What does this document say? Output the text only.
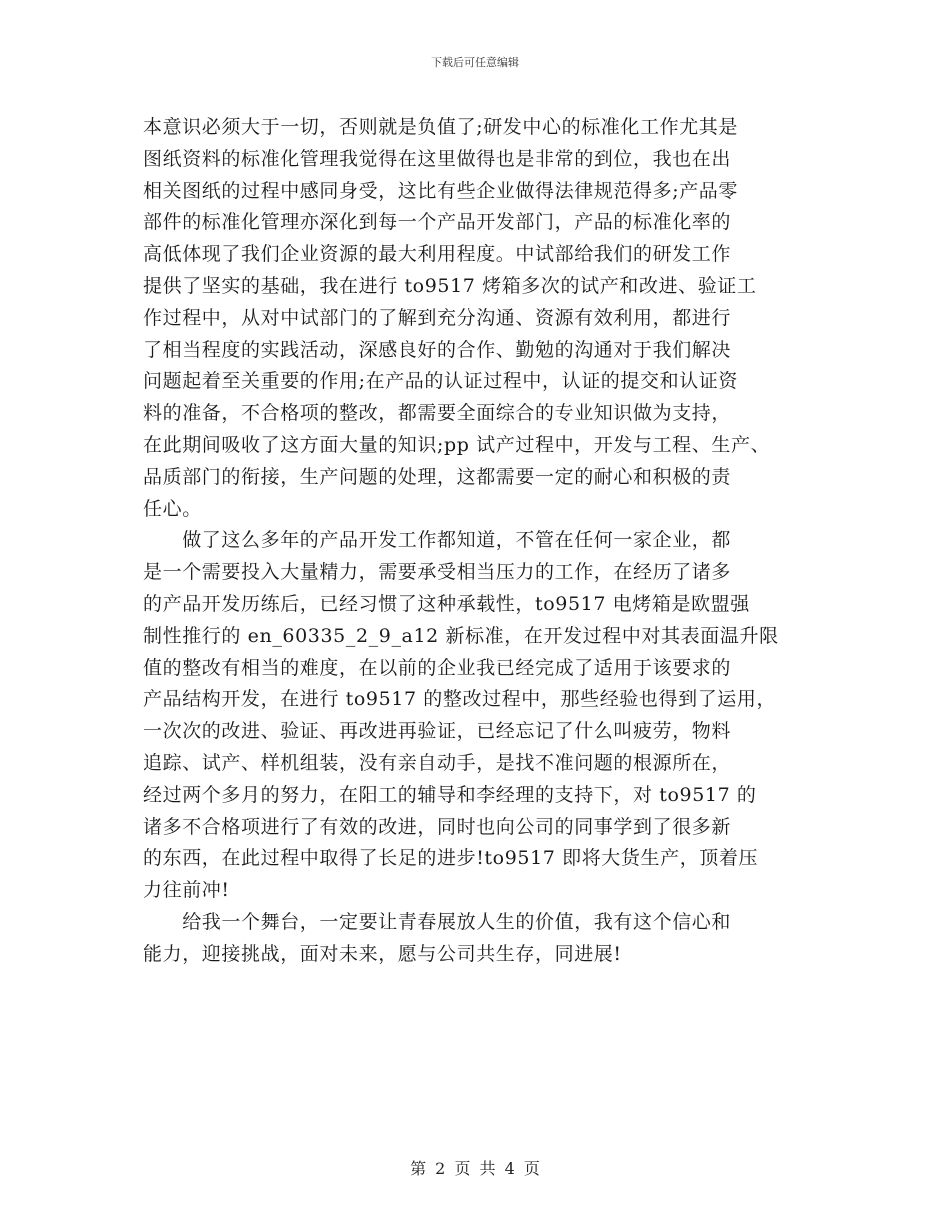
下载后可任意编辑
本意识必须大于一切，否则就是负值了;研发中心的标准化工作尤其是
图纸资料的标准化管理我觉得在这里做得也是非常的到位，我也在出
相关图纸的过程中感同身受，这比有些企业做得法律规范得多;产品零
部件的标准化管理亦深化到每一个产品开发部门，产品的标准化率的
高低体现了我们企业资源的最大利用程度。中试部给我们的研发工作
提供了坚实的基础，我在进行 to9517 烤箱多次的试产和改进、验证工
作过程中，从对中试部门的了解到充分沟通、资源有效利用，都进行
了相当程度的实践活动，深感良好的合作、勤勉的沟通对于我们解决
问题起着至关重要的作用;在产品的认证过程中，认证的提交和认证资
料的准备，不合格项的整改，都需要全面综合的专业知识做为支持，
在此期间吸收了这方面大量的知识;pp 试产过程中，开发与工程、生产、
品质部门的衔接，生产问题的处理，这都需要一定的耐心和积极的责
任心。
　　做了这么多年的产品开发工作都知道，不管在任何一家企业，都
是一个需要投入大量精力，需要承受相当压力的工作，在经历了诸多
的产品开发历练后，已经习惯了这种承载性，to9517 电烤箱是欧盟强
制性推行的 en_60335_2_9_a12 新标准，在开发过程中对其表面温升限
值的整改有相当的难度，在以前的企业我已经完成了适用于该要求的
产品结构开发，在进行 to9517 的整改过程中，那些经验也得到了运用，
一次次的改进、验证、再改进再验证，已经忘记了什么叫疲劳，物料
追踪、试产、样机组装，没有亲自动手，是找不准问题的根源所在，
经过两个多月的努力，在阳工的辅导和李经理的支持下，对 to9517 的
诸多不合格项进行了有效的改进，同时也向公司的同事学到了很多新
的东西，在此过程中取得了长足的进步!to9517 即将大货生产，顶着压
力往前冲!
　　给我一个舞台，一定要让青春展放人生的价值，我有这个信心和
能力，迎接挑战，面对未来，愿与公司共生存，同进展!
第 2 页 共 4 页
